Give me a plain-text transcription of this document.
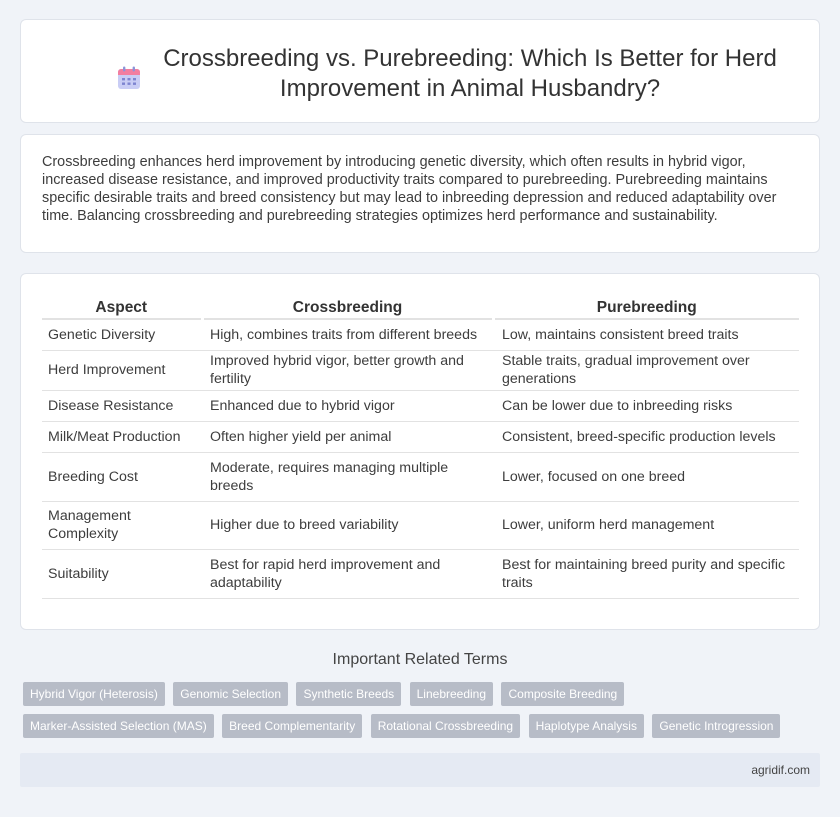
Crossbreeding vs. Purebreeding: Which Is Better for Herd Improvement in Animal Husbandry?

Crossbreeding enhances herd improvement by introducing genetic diversity, which often results in hybrid vigor, increased disease resistance, and improved productivity traits compared to purebreeding. Purebreeding maintains specific desirable traits and breed consistency but may lead to inbreeding depression and reduced adaptability over time. Balancing crossbreeding and purebreeding strategies optimizes herd performance and sustainability.

Aspect	Crossbreeding	Purebreeding
Genetic Diversity	High, combines traits from different breeds	Low, maintains consistent breed traits
Herd Improvement	Improved hybrid vigor, better growth and fertility	Stable traits, gradual improvement over generations
Disease Resistance	Enhanced due to hybrid vigor	Can be lower due to inbreeding risks
Milk/Meat Production	Often higher yield per animal	Consistent, breed-specific production levels
Breeding Cost	Moderate, requires managing multiple breeds	Lower, focused on one breed
Management Complexity	Higher due to breed variability	Lower, uniform herd management
Suitability	Best for rapid herd improvement and adaptability	Best for maintaining breed purity and specific traits
Important Related Terms
Hybrid Vigor (Heterosis) Genomic Selection Synthetic Breeds Linebreeding Composite Breeding
Marker-Assisted Selection (MAS) Breed Complementarity Rotational Crossbreeding Haplotype Analysis Genetic Introgression
agridif.com
